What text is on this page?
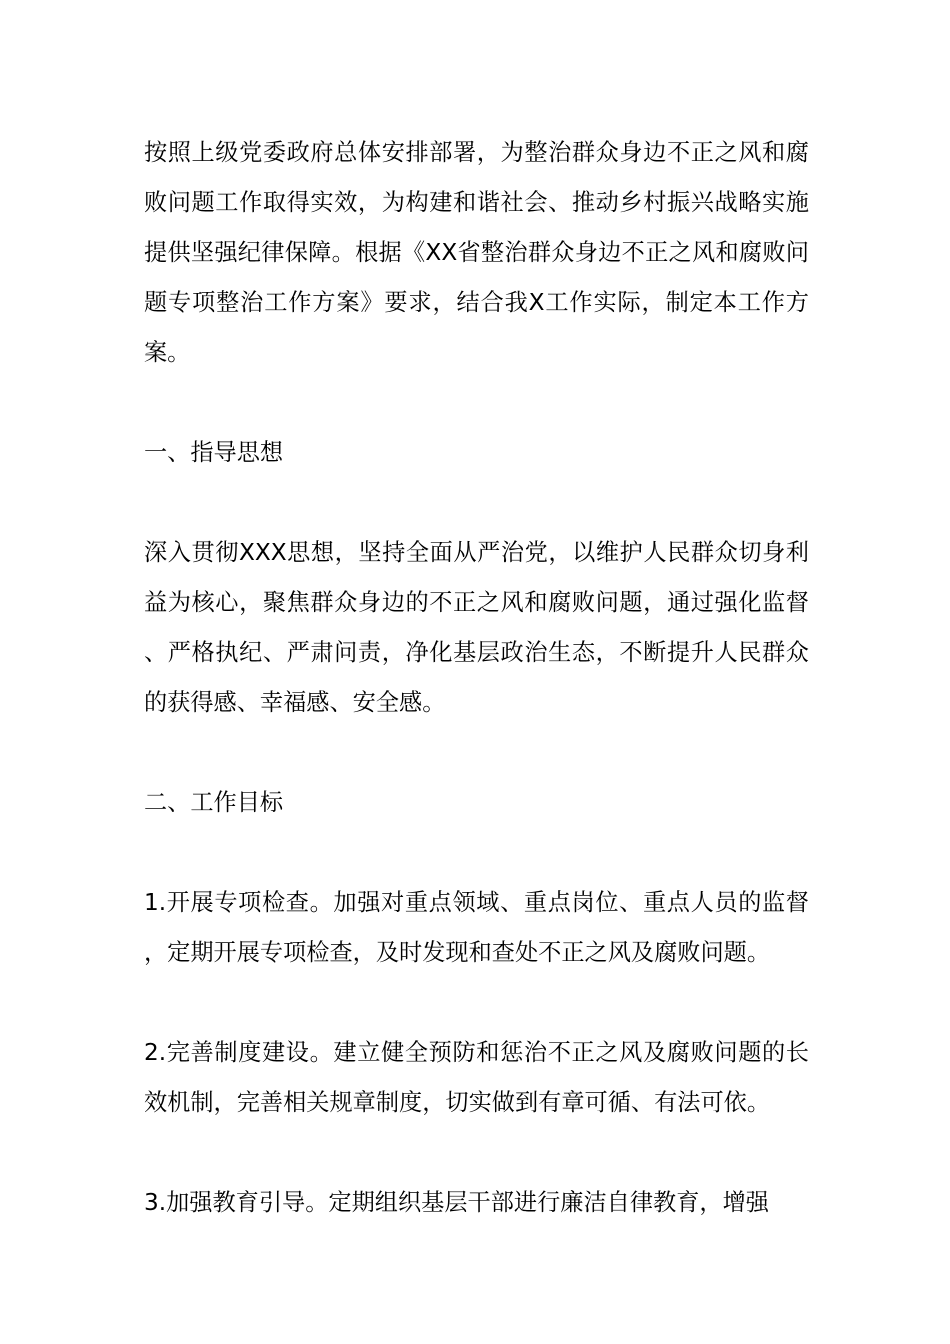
按照上级党委政府总体安排部署，为整治群众身边不正之风和腐败问题工作取得实效，为构建和谐社会、推动乡村振兴战略实施提供坚强纪律保障。根据《XX省整治群众身边不正之风和腐败问题专项整治工作方案》要求，结合我X工作实际，制定本工作方案。

一、指导思想

深入贯彻XXX思想，坚持全面从严治党，以维护人民群众切身利益为核心，聚焦群众身边的不正之风和腐败问题，通过强化监督、严格执纪、严肃问责，净化基层政治生态，不断提升人民群众的获得感、幸福感、安全感。

二、工作目标

1.开展专项检查。加强对重点领域、重点岗位、重点人员的监督，定期开展专项检查，及时发现和查处不正之风及腐败问题。

2.完善制度建设。建立健全预防和惩治不正之风及腐败问题的长效机制，完善相关规章制度，切实做到有章可循、有法可依。

3.加强教育引导。定期组织基层干部进行廉洁自律教育，增强
